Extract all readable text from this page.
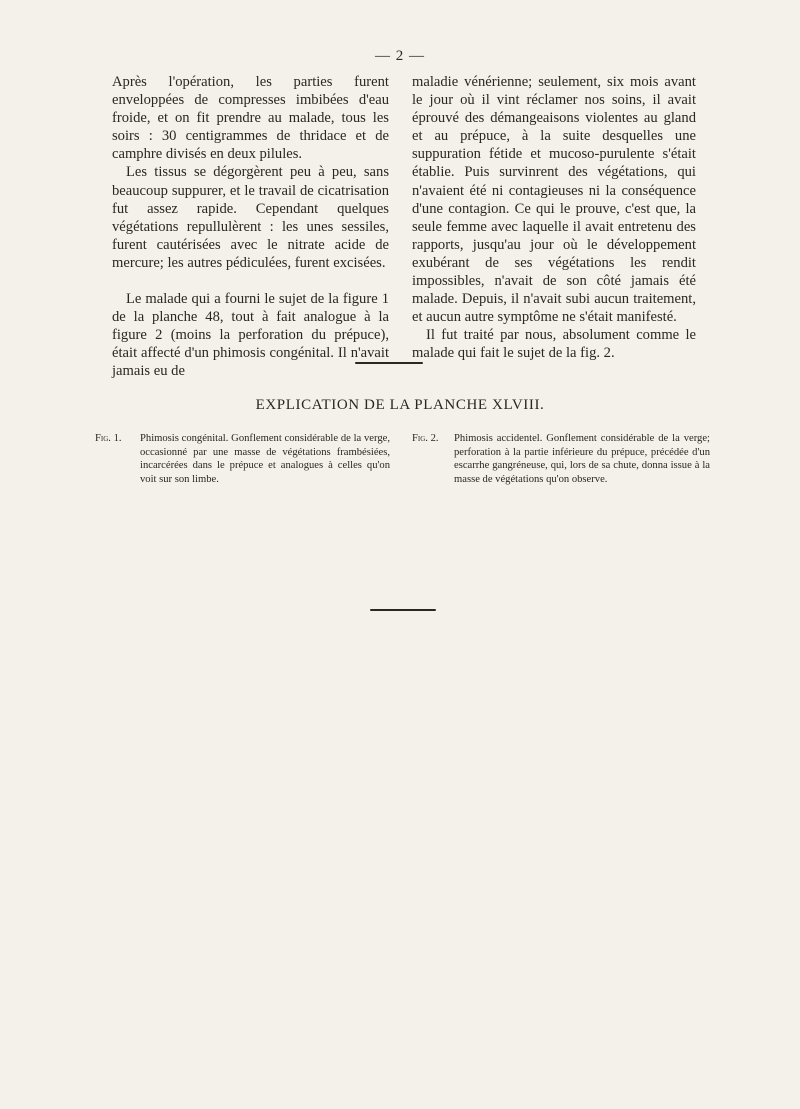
— 2 —

Après l'opération, les parties furent enveloppées de compresses imbibées d'eau froide, et on fit prendre au malade, tous les soirs : 30 centigrammes de thridace et de camphre divisés en deux pilules.

Les tissus se dégorgèrent peu à peu, sans beaucoup suppurer, et le travail de cicatrisation fut assez rapide. Cependant quelques végétations repullulèrent : les unes sessiles, furent cautérisées avec le nitrate acide de mercure; les autres pédiculées, furent excisées.

Le malade qui a fourni le sujet de la figure 1 de la planche 48, tout à fait analogue à la figure 2 (moins la perforation du prépuce), était affecté d'un phimosis congénital. Il n'avait jamais eu de

maladie vénérienne; seulement, six mois avant le jour où il vint réclamer nos soins, il avait éprouvé des démangeaisons violentes au gland et au prépuce, à la suite desquelles une suppuration fétide et mucoso-purulente s'était établie. Puis survinrent des végétations, qui n'avaient été ni contagieuses ni la conséquence d'une contagion. Ce qui le prouve, c'est que, la seule femme avec laquelle il avait entretenu des rapports, jusqu'au jour où le développement exubérant de ses végétations les rendit impossibles, n'avait de son côté jamais été malade. Depuis, il n'avait subi aucun traitement, et aucun autre symptôme ne s'était manifesté.

Il fut traité par nous, absolument comme le malade qui fait le sujet de la fig. 2.

EXPLICATION DE LA PLANCHE XLVIII.
Fig. 1. Phimosis congénital. Gonflement considérable de la verge, occasionné par une masse de végétations frambésiées, incarcérées dans le prépuce et analogues à celles qu'on voit sur son limbe.
Fig. 2. Phimosis accidentel. Gonflement considérable de la verge; perforation à la partie inférieure du prépuce, précédée d'un escarrhe gangréneuse, qui, lors de sa chute, donna issue à la masse de végétations qu'on observe.
